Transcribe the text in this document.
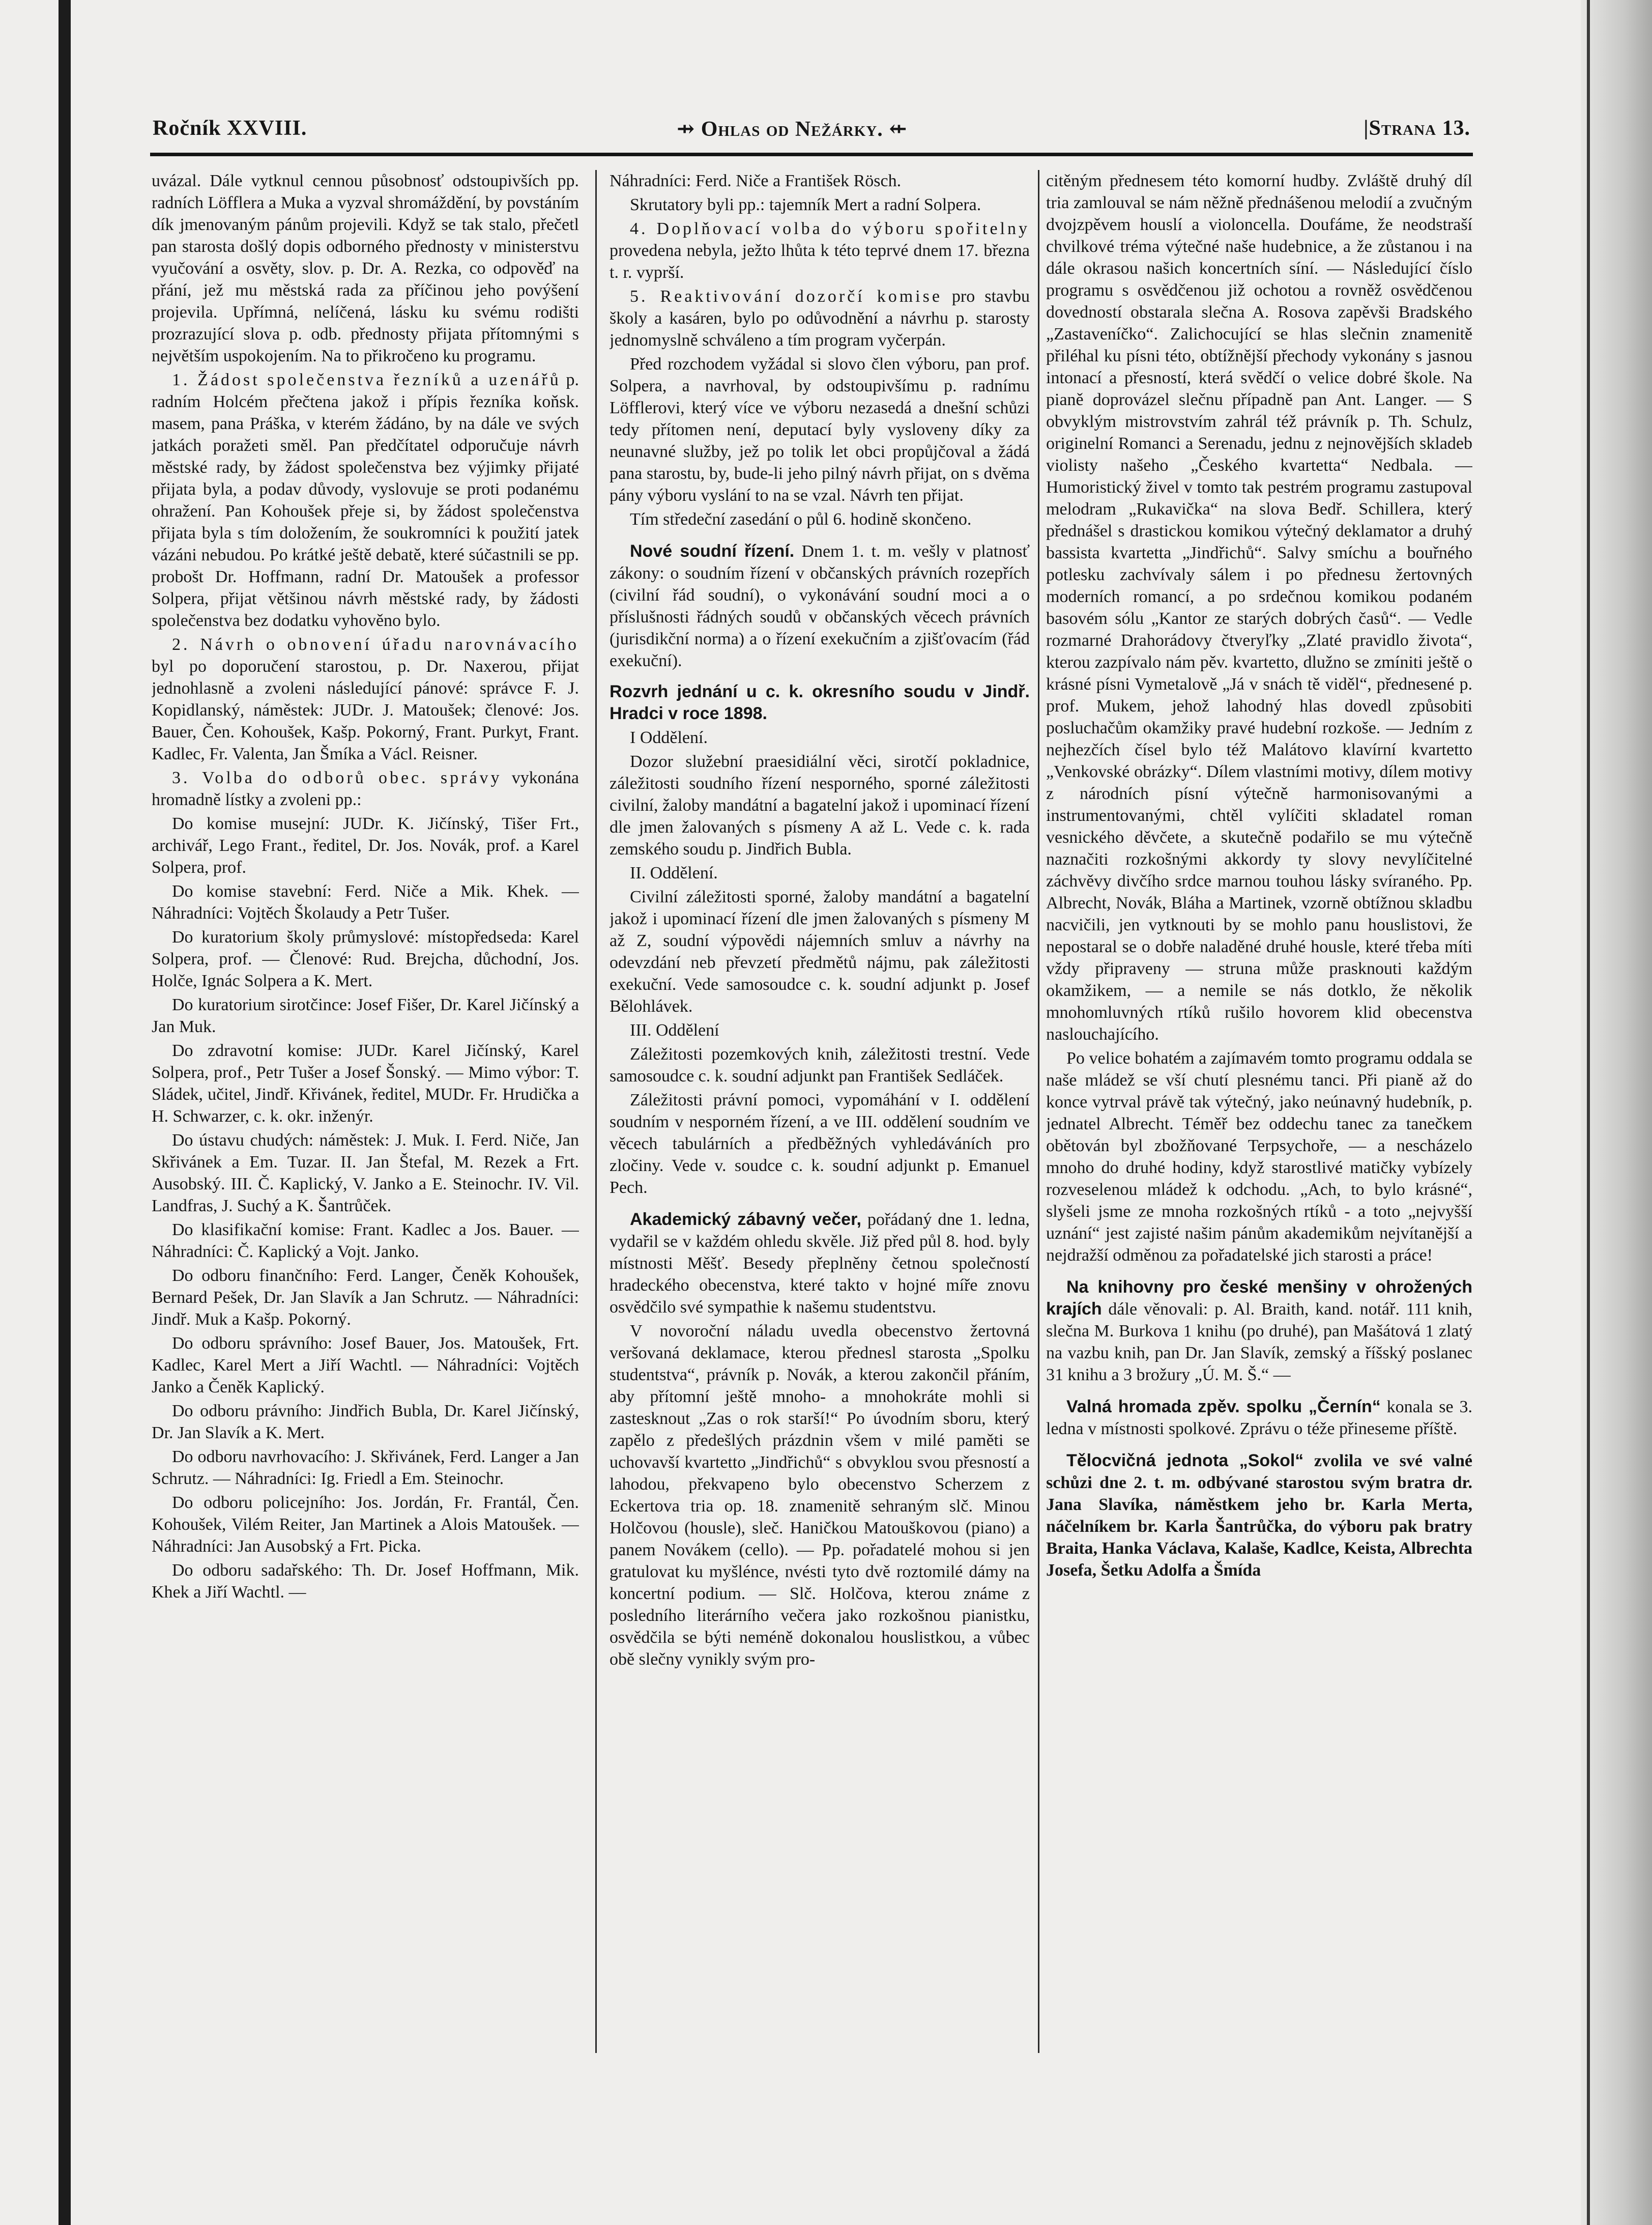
Ročník XXVIII.	⇸ Ohlas od Nežárky. ⇷	|Strana 13.

uvázal. Dále vytknul cennou působnosť odstoupivších pp. radních Löfflera a Muka a vyzval shromáždění, by povstáním dík jmenovaným pánům projevili. Když se tak stalo, přečetl pan starosta došlý dopis odborného přednosty v ministerstvu vyučování a osvěty, slov. p. Dr. A. Rezka, co odpověď na přání, jež mu městská rada za příčinou jeho povýšení projevila. Upřímná, nelíčená, lásku ku svému rodišti prozrazující slova p. odb. přednosty přijata přítomnými s největším uspokojením. Na to přikročeno ku programu.

1. Žádost společenstva řezníků a uzenářů p. radním Holcém přečtena jakož i přípis řezníka koňsk. masem, pana Práška, v kterém žádáno, by na dále ve svých jatkách poražeti směl. Pan předčítatel odporučuje návrh městské rady, by žádost společenstva bez výjimky přijaté přijata byla, a podav důvody, vyslovuje se proti podanému ohražení. Pan Kohoušek přeje si, by žádost společenstva přijata byla s tím doložením, že soukromníci k použití jatek vázáni nebudou. Po krátké ještě debatě, které súčastnili se pp. probošt Dr. Hoffmann, radní Dr. Matoušek a professor Solpera, přijat většinou návrh městské rady, by žádosti společenstva bez dodatku vyhověno bylo.

2. Návrh o obnovení úřadu narovnávacího byl po doporučení starostou, p. Dr. Naxerou, přijat jednohlasně a zvoleni následující pánové: správce F. J. Kopidlanský, náměstek: JUDr. J. Matoušek; členové: Jos. Bauer, Čen. Kohoušek, Kašp. Pokorný, Frant. Purkyt, Frant. Kadlec, Fr. Valenta, Jan Šmíka a Václ. Reisner.

3. Volba do odborů obec. správy vykonána hromadně lístky a zvoleni pp.:

Do komise musejní: JUDr. K. Jičínský, Tišer Frt., archivář, Lego Frant., ředitel, Dr. Jos. Novák, prof. a Karel Solpera, prof.

Do komise stavební: Ferd. Niče a Mik. Khek. — Náhradníci: Vojtěch Školaudy a Petr Tušer.

Do kuratorium školy průmyslové: místopředseda: Karel Solpera, prof. — Členové: Rud. Brejcha, důchodní, Jos. Holče, Ignác Solpera a K. Mert.

Do kuratorium sirotčince: Josef Fišer, Dr. Karel Jičínský a Jan Muk.

Do zdravotní komise: JUDr. Karel Jičínský, Karel Solpera, prof., Petr Tušer a Josef Šonský. — Mimo výbor: T. Sládek, učitel, Jindř. Křivánek, ředitel, MUDr. Fr. Hrudička a H. Schwarzer, c. k. okr. inženýr.

Do ústavu chudých: náměstek: J. Muk. I. Ferd. Niče, Jan Skřivánek a Em. Tuzar. II. Jan Štefal, M. Rezek a Frt. Ausobský. III. Č. Kaplický, V. Janko a E. Steinochr. IV. Vil. Landfras, J. Suchý a K. Šantrůček.

Do klasifikační komise: Frant. Kadlec a Jos. Bauer. — Náhradníci: Č. Kaplický a Vojt. Janko.

Do odboru finančního: Ferd. Langer, Čeněk Kohoušek, Bernard Pešek, Dr. Jan Slavík a Jan Schrutz. — Náhradníci: Jindř. Muk a Kašp. Pokorný.

Do odboru správního: Josef Bauer, Jos. Matoušek, Frt. Kadlec, Karel Mert a Jiří Wachtl. — Náhradníci: Vojtěch Janko a Čeněk Kaplický.

Do odboru právního: Jindřich Bubla, Dr. Karel Jičínský, Dr. Jan Slavík a K. Mert.

Do odboru navrhovacího: J. Skřivánek, Ferd. Langer a Jan Schrutz. — Náhradníci: Ig. Friedl a Em. Steinochr.

Do odboru policejního: Jos. Jordán, Fr. Frantál, Čen. Kohoušek, Vilém Reiter, Jan Martinek a Alois Matoušek. — Náhradníci: Jan Ausobský a Frt. Picka.

Do odboru sadařského: Th. Dr. Josef Hoffmann, Mik. Khek a Jiří Wachtl. —

Náhradníci: Ferd. Niče a František Rösch.

Skrutatory byli pp.: tajemník Mert a radní Solpera.

4. Doplňovací volba do výboru spořitelny provedena nebyla, ježto lhůta k této teprvé dnem 17. března t. r. vyprší.

5. Reaktivování dozorčí komise pro stavbu školy a kasáren, bylo po odůvodnění a návrhu p. starosty jednomyslně schváleno a tím program vyčerpán.

Před rozchodem vyžádal si slovo člen výboru, pan prof. Solpera, a navrhoval, by odstoupivšímu p. radnímu Löfflerovi, který více ve výboru nezasedá a dnešní schůzi tedy přítomen není, deputací byly vysloveny díky za neunavné služby, jež po tolik let obci propůjčoval a žádá pana starostu, by, bude-li jeho pilný návrh přijat, on s dvěma pány výboru vyslání to na se vzal. Návrh ten přijat.

Tím středeční zasedání o půl 6. hodině skončeno.

Nové soudní řízení. Dnem 1. t. m. vešly v platnosť zákony: o soudním řízení v občanských právních rozepřích (civilní řád soudní), o vykonávání soudní moci a o příslušnosti řádných soudů v občanských věcech právních (jurisdikční norma) a o řízení exekučním a zjišťovacím (řád exekuční).

Rozvrh jednání u c. k. okresního soudu v Jindř. Hradci v roce 1898.

I Oddělení.

Dozor služební praesidiální věci, sirotčí pokladnice, záležitosti soudního řízení nesporného, sporné záležitosti civilní, žaloby mandátní a bagatelní jakož i upominací řízení dle jmen žalovaných s písmeny A až L. Vede c. k. rada zemského soudu p. Jindřich Bubla.

II. Oddělení.

Civilní záležitosti sporné, žaloby mandátní a bagatelní jakož i upominací řízení dle jmen žalovaných s písmeny M až Z, soudní výpovědi nájemních smluv a návrhy na odevzdání neb převzetí předmětů nájmu, pak záležitosti exekuční. Vede samosoudce c. k. soudní adjunkt p. Josef Bělohlávek.

III. Oddělení

Záležitosti pozemkových knih, záležitosti trestní. Vede samosoudce c. k. soudní adjunkt pan František Sedláček.

Záležitosti právní pomoci, vypomáhání v I. oddělení soudním v nesporném řízení, a ve III. oddělení soudním ve věcech tabulárních a předběžných vyhledáváních pro zločiny. Vede v. soudce c. k. soudní adjunkt p. Emanuel Pech.

Akademický zábavný večer, pořádaný dne 1. ledna, vydařil se v každém ohledu skvěle. Již před půl 8. hod. byly místnosti Měšť. Besedy přeplněny četnou společností hradeckého obecenstva, které takto v hojné míře znovu osvědčilo své sympathie k našemu studentstvu.

V novoroční náladu uvedla obecenstvo žertovná veršovaná deklamace, kterou přednesl starosta „Spolku studentstva“, právník p. Novák, a kterou zakončil přáním, aby přítomní ještě mnoho- a mnohokráte mohli si zastesknout „Zas o rok starší!“ Po úvodním sboru, který zapělo z předešlých prázdnin všem v milé paměti se uchovavší kvartetto „Jindřichů“ s obvyklou svou přesností a lahodou, překvapeno bylo obecenstvo Scherzem z Eckertova tria op. 18. znamenitě sehraným slč. Minou Holčovou (housle), sleč. Haničkou Matouškovou (piano) a panem Novákem (cello). — Pp. pořadatelé mohou si jen gratulovat ku myšlénce, nvésti tyto dvě roztomilé dámy na koncertní podium. — Slč. Holčova, kterou známe z posledního literárního večera jako rozkošnou pianistku, osvědčila se býti neméně dokonalou houslistkou, a vůbec obě slečny vynikly svým pro-

citěným přednesem této komorní hudby. Zvláště druhý díl tria zamlouval se nám něžně přednášenou melodií a zvučným dvojzpěvem houslí a violoncella. Doufáme, že neodstraší chvilkové tréma výtečné naše hudebnice, a že zůstanou i na dále okrasou našich koncertních síní. — Následující číslo programu s osvědčenou již ochotou a rovněž osvědčenou dovedností obstarala slečna A. Rosova zapěvši Bradského „Zastaveníčko“. Zalichocující se hlas slečnin znamenitě přiléhal ku písni této, obtížnější přechody vykonány s jasnou intonací a přesností, která svědčí o velice dobré škole. Na pianě doprovázel slečnu případně pan Ant. Langer. — S obvyklým mistrovstvím zahrál též právník p. Th. Schulz, originelní Romanci a Serenadu, jednu z nejnovějších skladeb violisty našeho „Českého kvartetta“ Nedbala. — Humoristický živel v tomto tak pestrém programu zastupoval melodram „Rukavička“ na slova Bedř. Schillera, který přednášel s drastickou komikou výtečný deklamator a druhý bassista kvartetta „Jindřichů“. Salvy smíchu a bouřného potlesku zachvívaly sálem i po přednesu žertovných moderních romancí, a po srdečnou komikou podaném basovém sólu „Kantor ze starých dobrých časů“. — Vedle rozmarné Drahorádovy čtveryľky „Zlaté pravidlo života“, kterou zazpívalo nám pěv. kvartetto, dlužno se zmíniti ještě o krásné písni Vymetalově „Já v snách tě viděl“, přednesené p. prof. Mukem, jehož lahodný hlas dovedl způsobiti posluchačům okamžiky pravé hudební rozkoše. — Jedním z nejhezčích čísel bylo též Malátovo klavírní kvartetto „Venkovské obrázky“. Dílem vlastními motivy, dílem motivy z národních písní výtečně harmonisovanými a instrumentovanými, chtěl vylíčiti skladatel roman vesnického děvčete, a skutečně podařilo se mu výtečně naznačiti rozkošnými akkordy ty slovy nevylíčitelné záchvěvy divčího srdce marnou touhou lásky svíraného. Pp. Albrecht, Novák, Bláha a Martinek, vzorně obtížnou skladbu nacvičili, jen vytknouti by se mohlo panu houslistovi, že nepostaral se o dobře naladěné druhé housle, které třeba míti vždy připraveny — struna může prasknouti každým okamžikem, — a nemile se nás dotklo, že několik mnohomluvných rtíků rušilo hovorem klid obecenstva naslouchajícího.

Po velice bohatém a zajímavém tomto programu oddala se naše mládež se vší chutí plesnému tanci. Při pianě až do konce vytrval právě tak výtečný, jako neúnavný hudebník, p. jednatel Albrecht. Téměř bez oddechu tanec za tanečkem obětován byl zbožňované Terpsychoře, — a nescházelo mnoho do druhé hodiny, když starostlivé matičky vybízely rozveselenou mládež k odchodu. „Ach, to bylo krásné“, slyšeli jsme ze mnoha rozkošných rtíků - a toto „nejvyšší uznání“ jest zajisté našim pánům akademikům nejvítanější a nejdražší odměnou za pořadatelské jich starosti a práce!

Na knihovny pro české menšiny v ohrožených krajích dále věnovali: p. Al. Braith, kand. notář. 111 knih, slečna M. Burkova 1 knihu (po druhé), pan Mašátová 1 zlatý na vazbu knih, pan Dr. Jan Slavík, zemský a říšský poslanec 31 knihu a 3 brožury „Ú. M. Š.“ —

Valná hromada zpěv. spolku „Černín“ konala se 3. ledna v místnosti spolkové. Zprávu o téže přineseme příště.

Tělocvičná jednota „Sokol“ zvolila ve své valné schůzi dne 2. t. m. odbývané starostou svým bratra dr. Jana Slavíka, náměstkem jeho br. Karla Merta, náčelníkem br. Karla Šantrůčka, do výboru pak bratry Braita, Hanka Václava, Kalaše, Kadlce, Keista, Albrechta Josefa, Šetku Adolfa a Šmída
